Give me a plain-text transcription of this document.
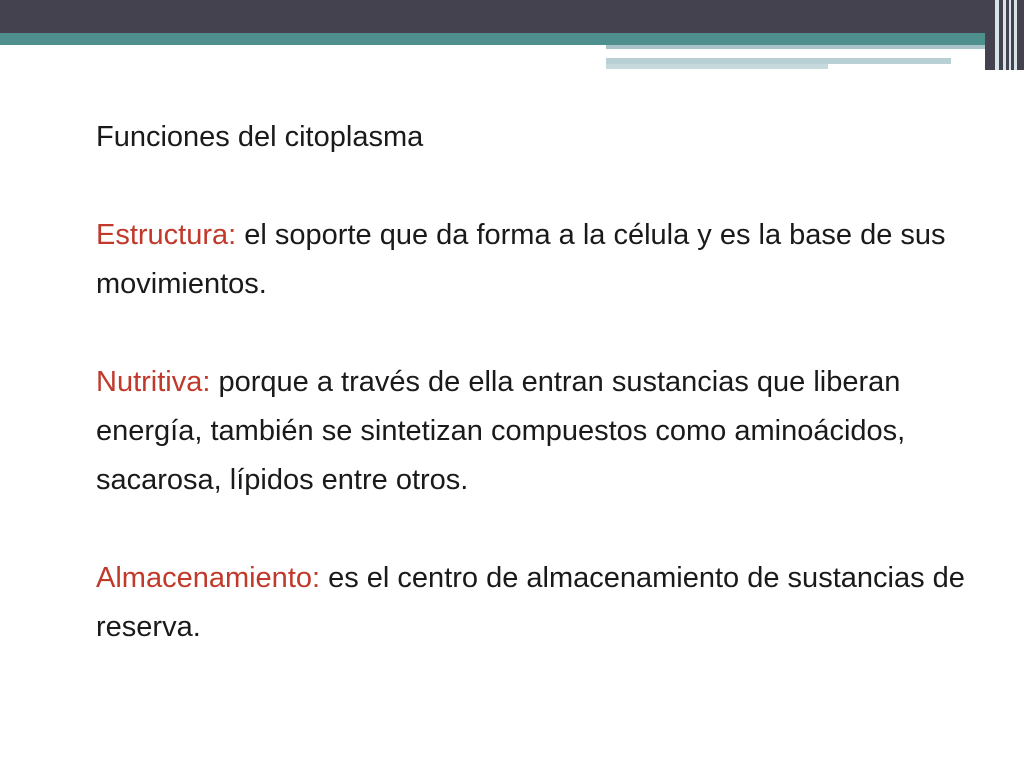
Funciones del citoplasma

Estructura: el soporte que da forma a la célula y es la base de sus movimientos.

Nutritiva: porque a través de ella entran sustancias que liberan energía, también se sintetizan compuestos como aminoácidos, sacarosa, lípidos entre otros.

Almacenamiento: es el centro de almacenamiento de sustancias de reserva.
